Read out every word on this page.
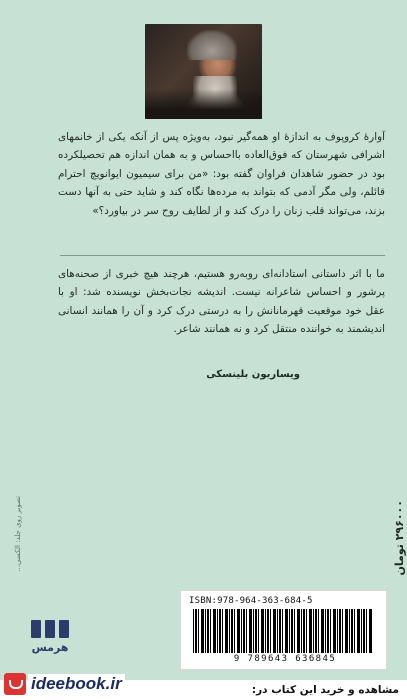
آوارهٔ کروپوف به اندازهٔ او همه‌گیر نبود، به‌ویژه پس از آنکه یکی از خانمهای اشرافی شهرستان که فوق‌العاده بااحساس و به همان اندازه هم تحصیلکرده بود در حضور شاهدان فراوان گفته بود: «من برای سیمیون ایوانویچ احترام قائلم، ولی مگر آدمی که بتواند به مرده‌ها نگاه کند و شاید حتی به آنها دست بزند، می‌تواند قلب زنان را درک کند و از لطایف روح سر در بیاورد؟»
ما با اثر داستانی استادانه‌ای روبه‌رو هستیم، هرچند هیچ خبری از صحنه‌های پرشور و احساس شاعرانه نیست. اندیشه نجات‌بخش نویسنده شد: او با عقل خود موقعیت قهرمانانش را به درستی درک کرد و آن را همانند انسانی اندیشمند به خواننده منتقل کرد و نه همانند شاعر.
ویساریون بلینسکی
تصویر روی جلد: الکسی...
هرمس
ISBN:978-964-363-684-5
9 789643 636845
۲۹۶۰۰۰ تومان
مشاهده و خرید این کتاب در:
ideebook.ir
